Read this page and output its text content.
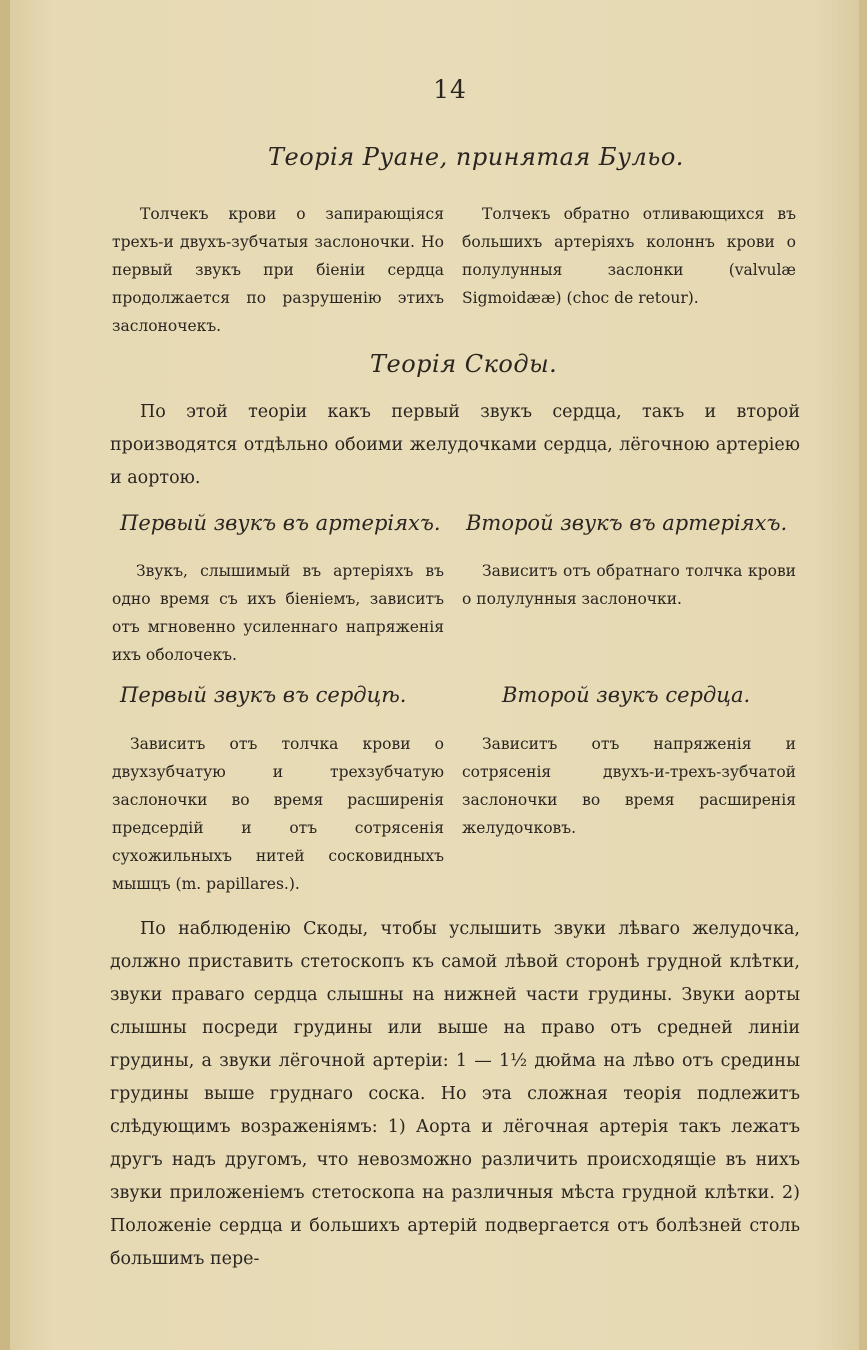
14
Теорія Руане, принятая Бульо.

Толчекъ крови о запирающіяся трехъ-и двухъ-зубчатыя заслоночки. Но первый звукъ при біеніи сердца продолжается по разрушенію этихъ заслоночекъ.

Толчекъ обратно отливающихся въ большихъ артеріяхъ колоннъ крови о полулунныя заслонки (valvulæ Sigmoidææ) (choc de retour).

Теорія Скоды.

По этой теоріи какъ первый звукъ сердца, такъ и второй производятся отдѣльно обоими желудочками сердца, лёгочною артеріею и аортою.

Первый звукъ въ артеріяхъ. Второй звукъ въ артеріяхъ.

Звукъ, слышимый въ артеріяхъ въ одно время съ ихъ біеніемъ, зависитъ отъ мгновенно усиленнаго напряженія ихъ оболочекъ.

Зависитъ отъ обратнаго толчка крови о полулунныя заслоночки.

Первый звукъ въ сердцѣ.	Второй звукъ сердца.

Зависитъ отъ толчка крови о двухзубчатую и трехзубчатую заслоночки во время расширенія предсердій и отъ сотрясенія сухожильныхъ нитей сосковидныхъ мышцъ (m. papillares.).

Зависитъ отъ напряженія и сотрясенія двухъ-и-трехъ-зубчатой заслоночки во время расширенія желудочковъ.

По наблюденію Скоды, чтобы услышить звуки лѣваго желудочка, должно приставить стетоскопъ къ самой лѣвой сторонѣ грудной клѣтки, звуки праваго сердца слышны на нижней части грудины. Звуки аорты слышны посреди грудины или выше на право отъ средней линіи грудины, а звуки лёгочной артеріи: 1 — 1½ дюйма на лѣво отъ средины грудины выше груднаго соска. Но эта сложная теорія подлежитъ слѣдующимъ возраженіямъ: 1) Аорта и лёгочная артерія такъ лежатъ другъ надъ другомъ, что невозможно различить происходящіе въ нихъ звуки приложеніемъ стетоскопа на различныя мѣста грудной клѣтки. 2) Положеніе сердца и большихъ артерій подвергается отъ болѣзней столь большимъ пере-
